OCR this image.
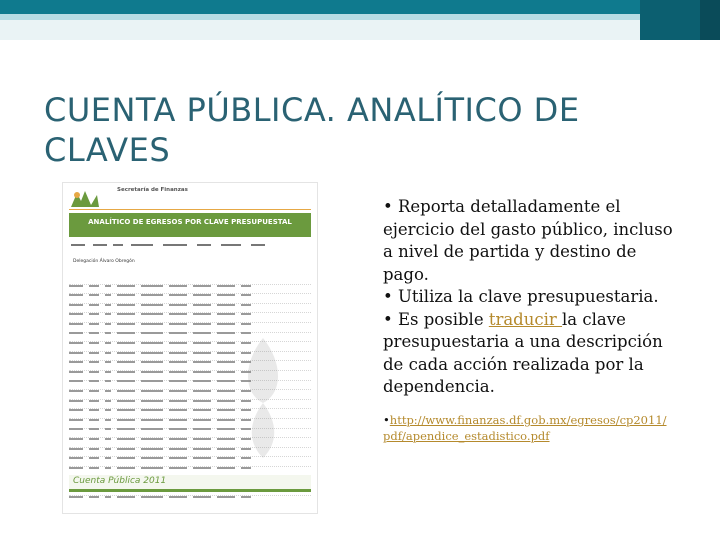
CUENTA PÚBLICA. ANALÍTICO DE
CLAVES
Secretaría de Finanzas
ANALÍTICO DE EGRESOS POR CLAVE PRESUPUESTAL
Delegación Álvaro Obregón
Cuenta Pública 2011
• Reporta detalladamente el ejercicio del gasto público, incluso a nivel de partida y destino de pago.
• Utiliza la clave presupuestaria.
• Es posible traducir la clave presupuestaria a una descripción de cada acción realizada por la dependencia.
•http://www.finanzas.df.gob.mx/egresos/cp2011/pdf/apendice_estadistico.pdf
